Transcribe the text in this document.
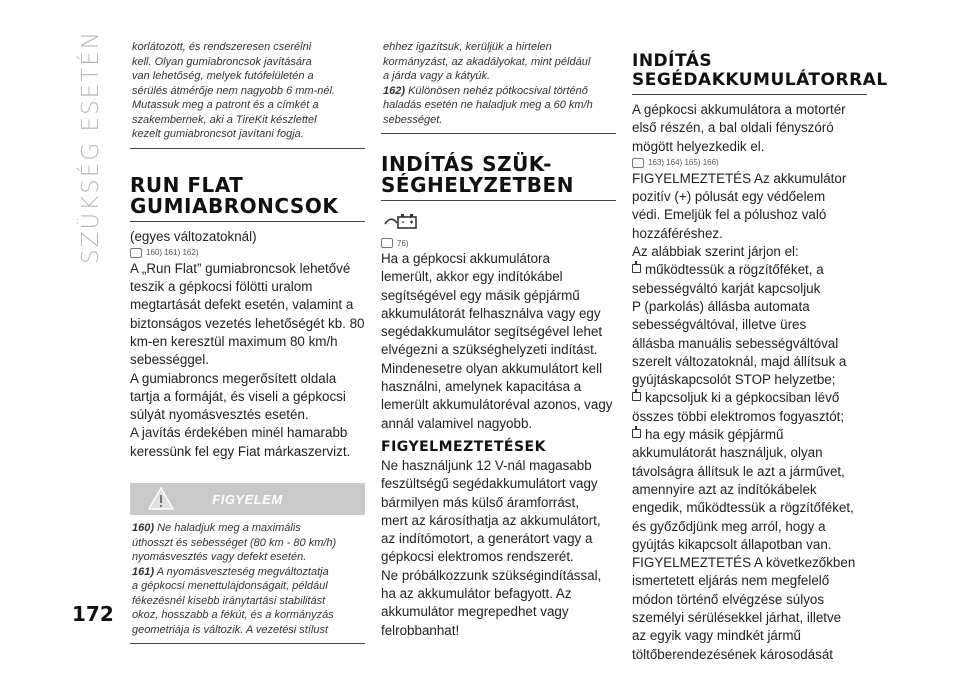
SZÜKSÉG ESETÉN
172
korlátozott, és rendszeresen cserélni
kell. Olyan gumiabroncsok javítására
van lehetőség, melyek futófelületén a
sérülés átmérője nem nagyobb 6 mm-nél.
Mutassuk meg a patront és a címkét a
szakembernek, aki a TireKit készlettel
kezelt gumiabroncsot javítani fogja.
RUN FLAT
GUMIABRONCSOK

(egyes változatoknál)

160) 161) 162)

A „Run Flat” gumiabroncsok lehetővé
teszik a gépkocsi fölötti uralom
megtartását defekt esetén, valamint a
biztonságos vezetés lehetőségét kb. 80
km-en keresztül maximum 80 km/h
sebességgel.
A gumiabroncs megerősített oldala
tartja a formáját, és viseli a gépkocsi
súlyát nyomásvesztés esetén.
A javítás érdekében minél hamarabb
keressünk fel egy Fiat márkaszervizt.

FIGYELEM
160) Ne haladjuk meg a maximális
úthosszt és sebességet (80 km - 80 km/h)
nyomásvesztés vagy defekt esetén.
161) A nyomásveszteség megváltoztatja
a gépkocsi menettulajdonságait, például
fékezésnél kisebb iránytartási stabilitást
okoz, hosszabb a fékút, és a kormányzás
geometriája is változik. A vezetési stílust
ehhez igazítsuk, kerüljük a hirtelen
kormányzást, az akadályokat, mint például
a járda vagy a kátyúk.
162) Különösen nehéz pótkocsival történő
haladás esetén ne haladjuk meg a 60 km/h
sebességet.
INDÍTÁS SZÜK-
SÉGHELYZETBEN
76)

Ha a gépkocsi akkumulátora
lemerült, akkor egy indítókábel
segítségével egy másik gépjármű
akkumulátorát felhasználva vagy egy
segédakkumulátor segítségével lehet
elvégezni a szükséghelyzeti indítást.
Mindenesetre olyan akkumulátort kell
használni, amelynek kapacitása a
lemerült akkumulátoréval azonos, vagy
annál valamivel nagyobb.

FIGYELMEZTETÉSEK

Ne használjunk 12 V-nál magasabb
feszültségű segédakkumulátort vagy
bármilyen más külső áramforrást,
mert az károsíthatja az akkumulátort,
az indítómotort, a generátort vagy a
gépkocsi elektromos rendszerét.
Ne próbálkozzunk szükségindítással,
ha az akkumulátor befagyott. Az
akkumulátor megrepedhet vagy
felrobbanhat!

INDÍTÁS
SEGÉDAKKUMULÁTORRAL

A gépkocsi akkumulátora a motortér
első részén, a bal oldali fényszóró
mögött helyezkedik el.

163) 164) 165) 166)

FIGYELMEZTETÉS Az akkumulátor
pozitív (+) pólusát egy védőelem
védi. Emeljük fel a pólushoz való
hozzáféréshez.
Az alábbiak szerint járjon el:
működtessük a rögzítőféket, a
sebességváltó karját kapcsoljuk
P (parkolás) állásba automata
sebességváltóval, illetve üres
állásba manuális sebességváltóval
szerelt változatoknál, majd állítsuk a
gyújtáskapcsolót STOP helyzetbe;
kapcsoljuk ki a gépkocsiban lévő
összes többi elektromos fogyasztót;
ha egy másik gépjármű
akkumulátorát használjuk, olyan
távolságra állítsuk le azt a járművet,
amennyire azt az indítókábelek
engedik, működtessük a rögzítőféket,
és győződjünk meg arról, hogy a
gyújtás kikapcsolt állapotban van.
FIGYELMEZTETÉS A következőkben
ismertetett eljárás nem megfelelő
módon történő elvégzése súlyos
személyi sérülésekkel járhat, illetve
az egyik vagy mindkét jármű
töltőberendezésének károsodását
